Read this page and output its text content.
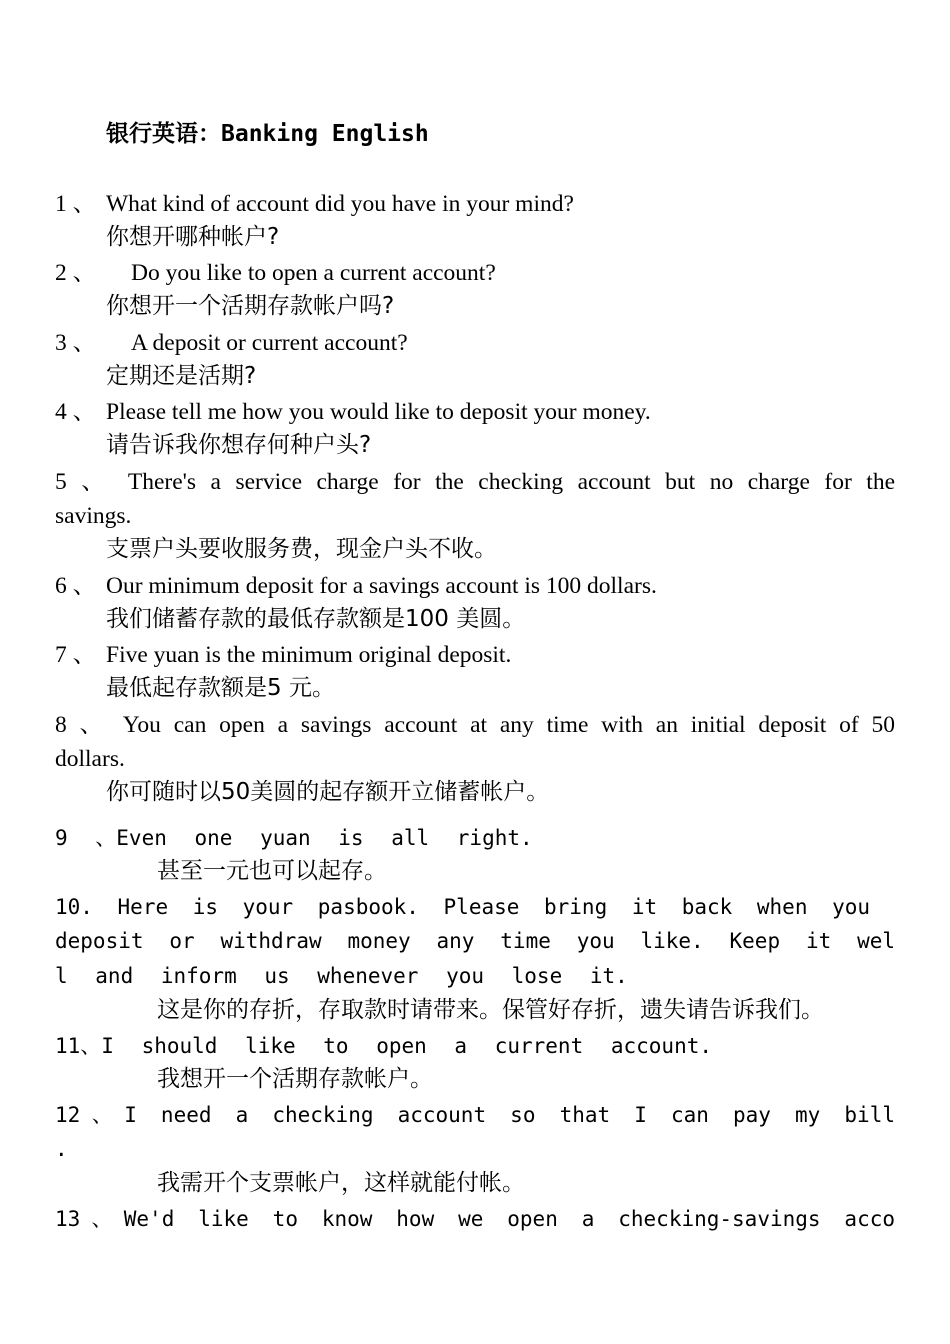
银行英语：Banking English
1 、 What kind of account did you have in your mind?
你想开哪种帐户?
2 、 Do you like to open a current account?
你想开一个活期存款帐户吗?
3 、 A deposit or current account?
定期还是活期?
4 、 Please tell me how you would like to deposit your money.
请告诉我你想存何种户头?
5 、 There's a service charge for the checking account but no charge for the
savings.
支票户头要收服务费，现金户头不收。
6 、 Our minimum deposit for a savings account is 100 dollars.
我们储蓄存款的最低存款额是100 美圆。
7 、 Five yuan is the minimum original deposit.
最低起存款额是5 元。
8 、 You can open a savings account at any time with an initial deposit of 50
dollars.
你可随时以50美圆的起存额开立储蓄帐户。
9 、Even one yuan is all right.
甚至一元也可以起存。
10. Here is your pasbook. Please bring it back when you
deposit or withdraw money any time you like. Keep it wel
l and inform us whenever you lose it.
这是你的存折，存取款时请带来。保管好存折，遗失请告诉我们。
11、I should like to open a current account.
我想开一个活期存款帐户。
12、I need a checking account so that I can pay my bill
.
我需开个支票帐户，这样就能付帐。
13、We'd like to know how we open a checking-savings acco
